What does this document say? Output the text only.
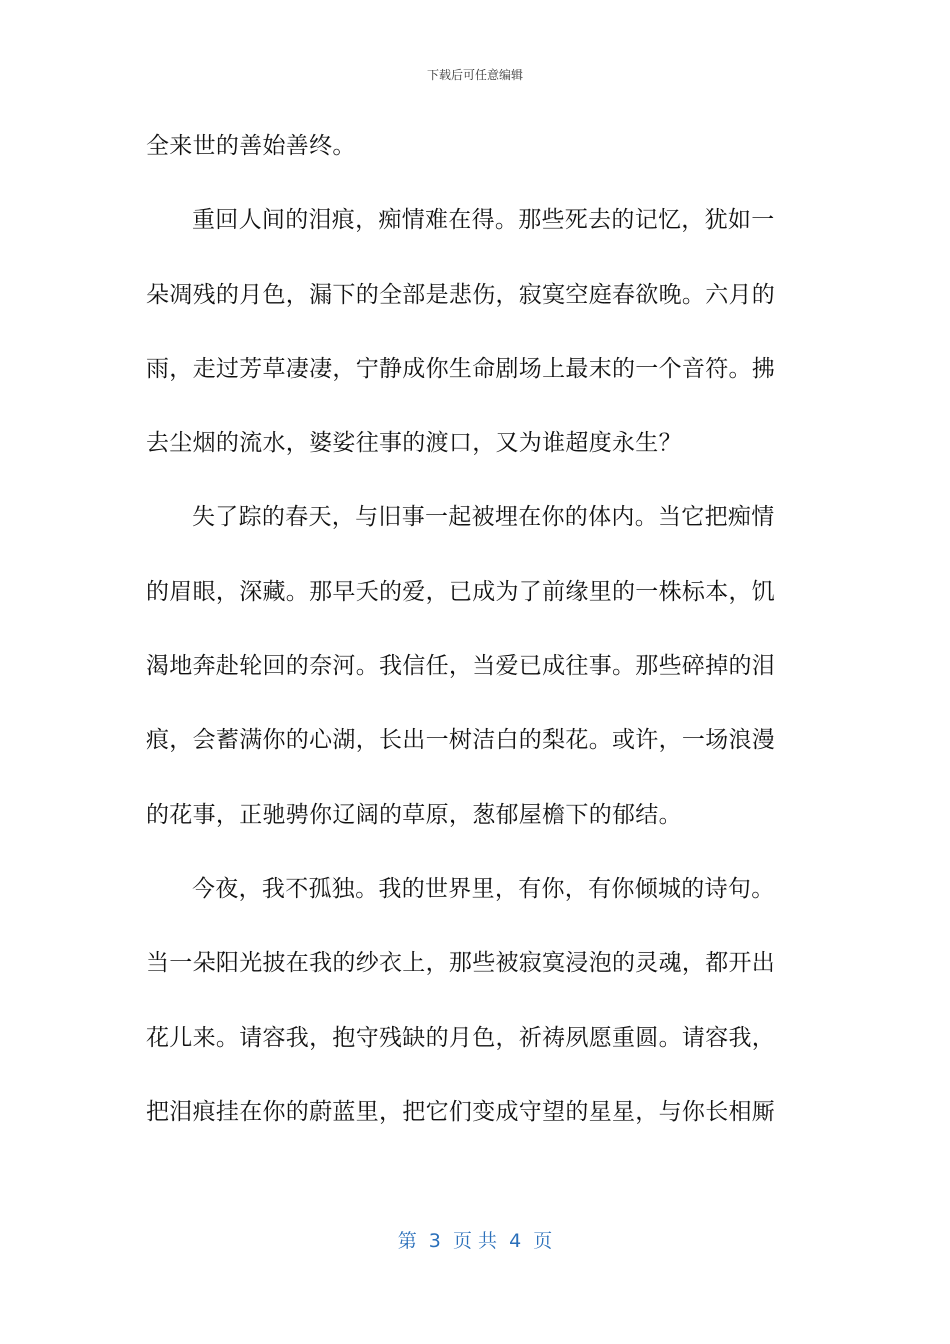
下载后可任意编辑
全来世的善始善终。
重回人间的泪痕，痴情难在得。那些死去的记忆，犹如一
朵凋残的月色，漏下的全部是悲伤，寂寞空庭春欲晚。六月的
雨，走过芳草凄凄，宁静成你生命剧场上最末的一个音符。拂
去尘烟的流水，婆娑往事的渡口，又为谁超度永生？
失了踪的春天，与旧事一起被埋在你的体内。当它把痴情
的眉眼，深藏。那早夭的爱，已成为了前缘里的一株标本，饥
渴地奔赴轮回的奈河。我信任，当爱已成往事。那些碎掉的泪
痕，会蓄满你的心湖，长出一树洁白的梨花。或许，一场浪漫
的花事，正驰骋你辽阔的草原，葱郁屋檐下的郁结。
今夜，我不孤独。我的世界里，有你，有你倾城的诗句。
当一朵阳光披在我的纱衣上，那些被寂寞浸泡的灵魂，都开出
花儿来。请容我，抱守残缺的月色，祈祷夙愿重圆。请容我，
把泪痕挂在你的蔚蓝里，把它们变成守望的星星，与你长相厮
第  3  页 共  4  页
